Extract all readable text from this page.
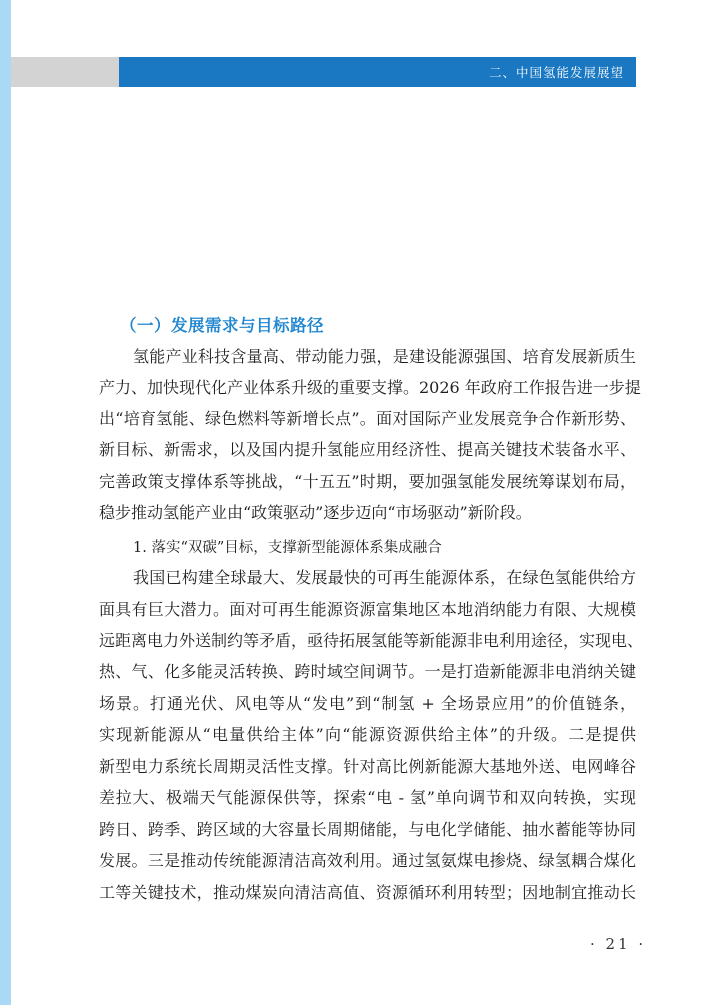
二、中国氢能发展展望
（一）发展需求与目标路径
氢能产业科技含量高、带动能力强，是建设能源强国、培育发展新质生
产力、加快现代化产业体系升级的重要支撑。2026 年政府工作报告进一步提
出“培育氢能、绿色燃料等新增长点”。面对国际产业发展竞争合作新形势、
新目标、新需求，以及国内提升氢能应用经济性、提高关键技术装备水平、
完善政策支撑体系等挑战，“十五五”时期，要加强氢能发展统筹谋划布局，
稳步推动氢能产业由“政策驱动”逐步迈向“市场驱动”新阶段。
1. 落实“双碳”目标，支撑新型能源体系集成融合
我国已构建全球最大、发展最快的可再生能源体系，在绿色氢能供给方
面具有巨大潜力。面对可再生能源资源富集地区本地消纳能力有限、大规模
远距离电力外送制约等矛盾，亟待拓展氢能等新能源非电利用途径，实现电、
热、气、化多能灵活转换、跨时域空间调节。一是打造新能源非电消纳关键
场景。打通光伏、风电等从“发电”到“制氢 + 全场景应用”的价值链条，
实现新能源从“电量供给主体”向“能源资源供给主体”的升级。二是提供
新型电力系统长周期灵活性支撑。针对高比例新能源大基地外送、电网峰谷
差拉大、极端天气能源保供等，探索“电 - 氢”单向调节和双向转换，实现
跨日、跨季、跨区域的大容量长周期储能，与电化学储能、抽水蓄能等协同
发展。三是推动传统能源清洁高效利用。通过氢氨煤电掺烧、绿氢耦合煤化
工等关键技术，推动煤炭向清洁高值、资源循环利用转型；因地制宜推动长
· 21 ·
